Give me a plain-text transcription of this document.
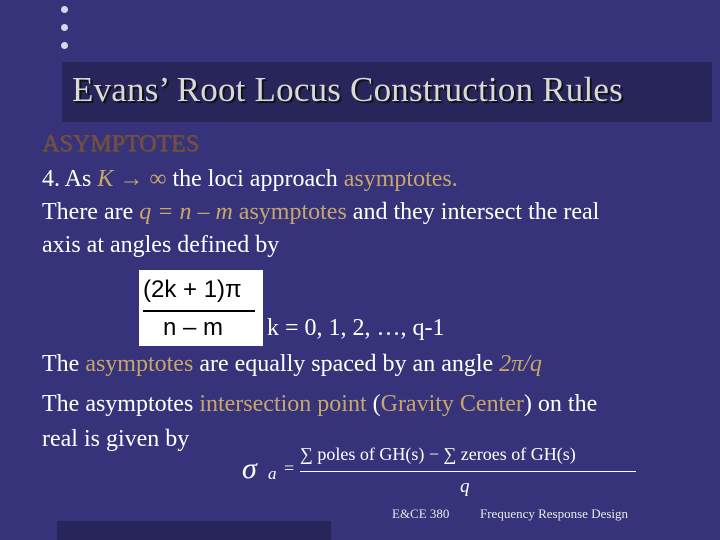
Evans’ Root Locus Construction Rules
ASYMPTOTES
4. As K → ∞ the loci approach asymptotes.
There are q = n – m asymptotes and they intersect the real
axis at angles defined by
(2k + 1)π
n – m k = 0, 1, 2, …, q-1
The asymptotes are equally spaced by an angle 2π/q
The asymptotes intersection point (Gravity Center) on the
real is given by
σ a =
∑ poles of GH(s) − ∑ zeroes of GH(s)
q
E&CE 380 Frequency Response Design
